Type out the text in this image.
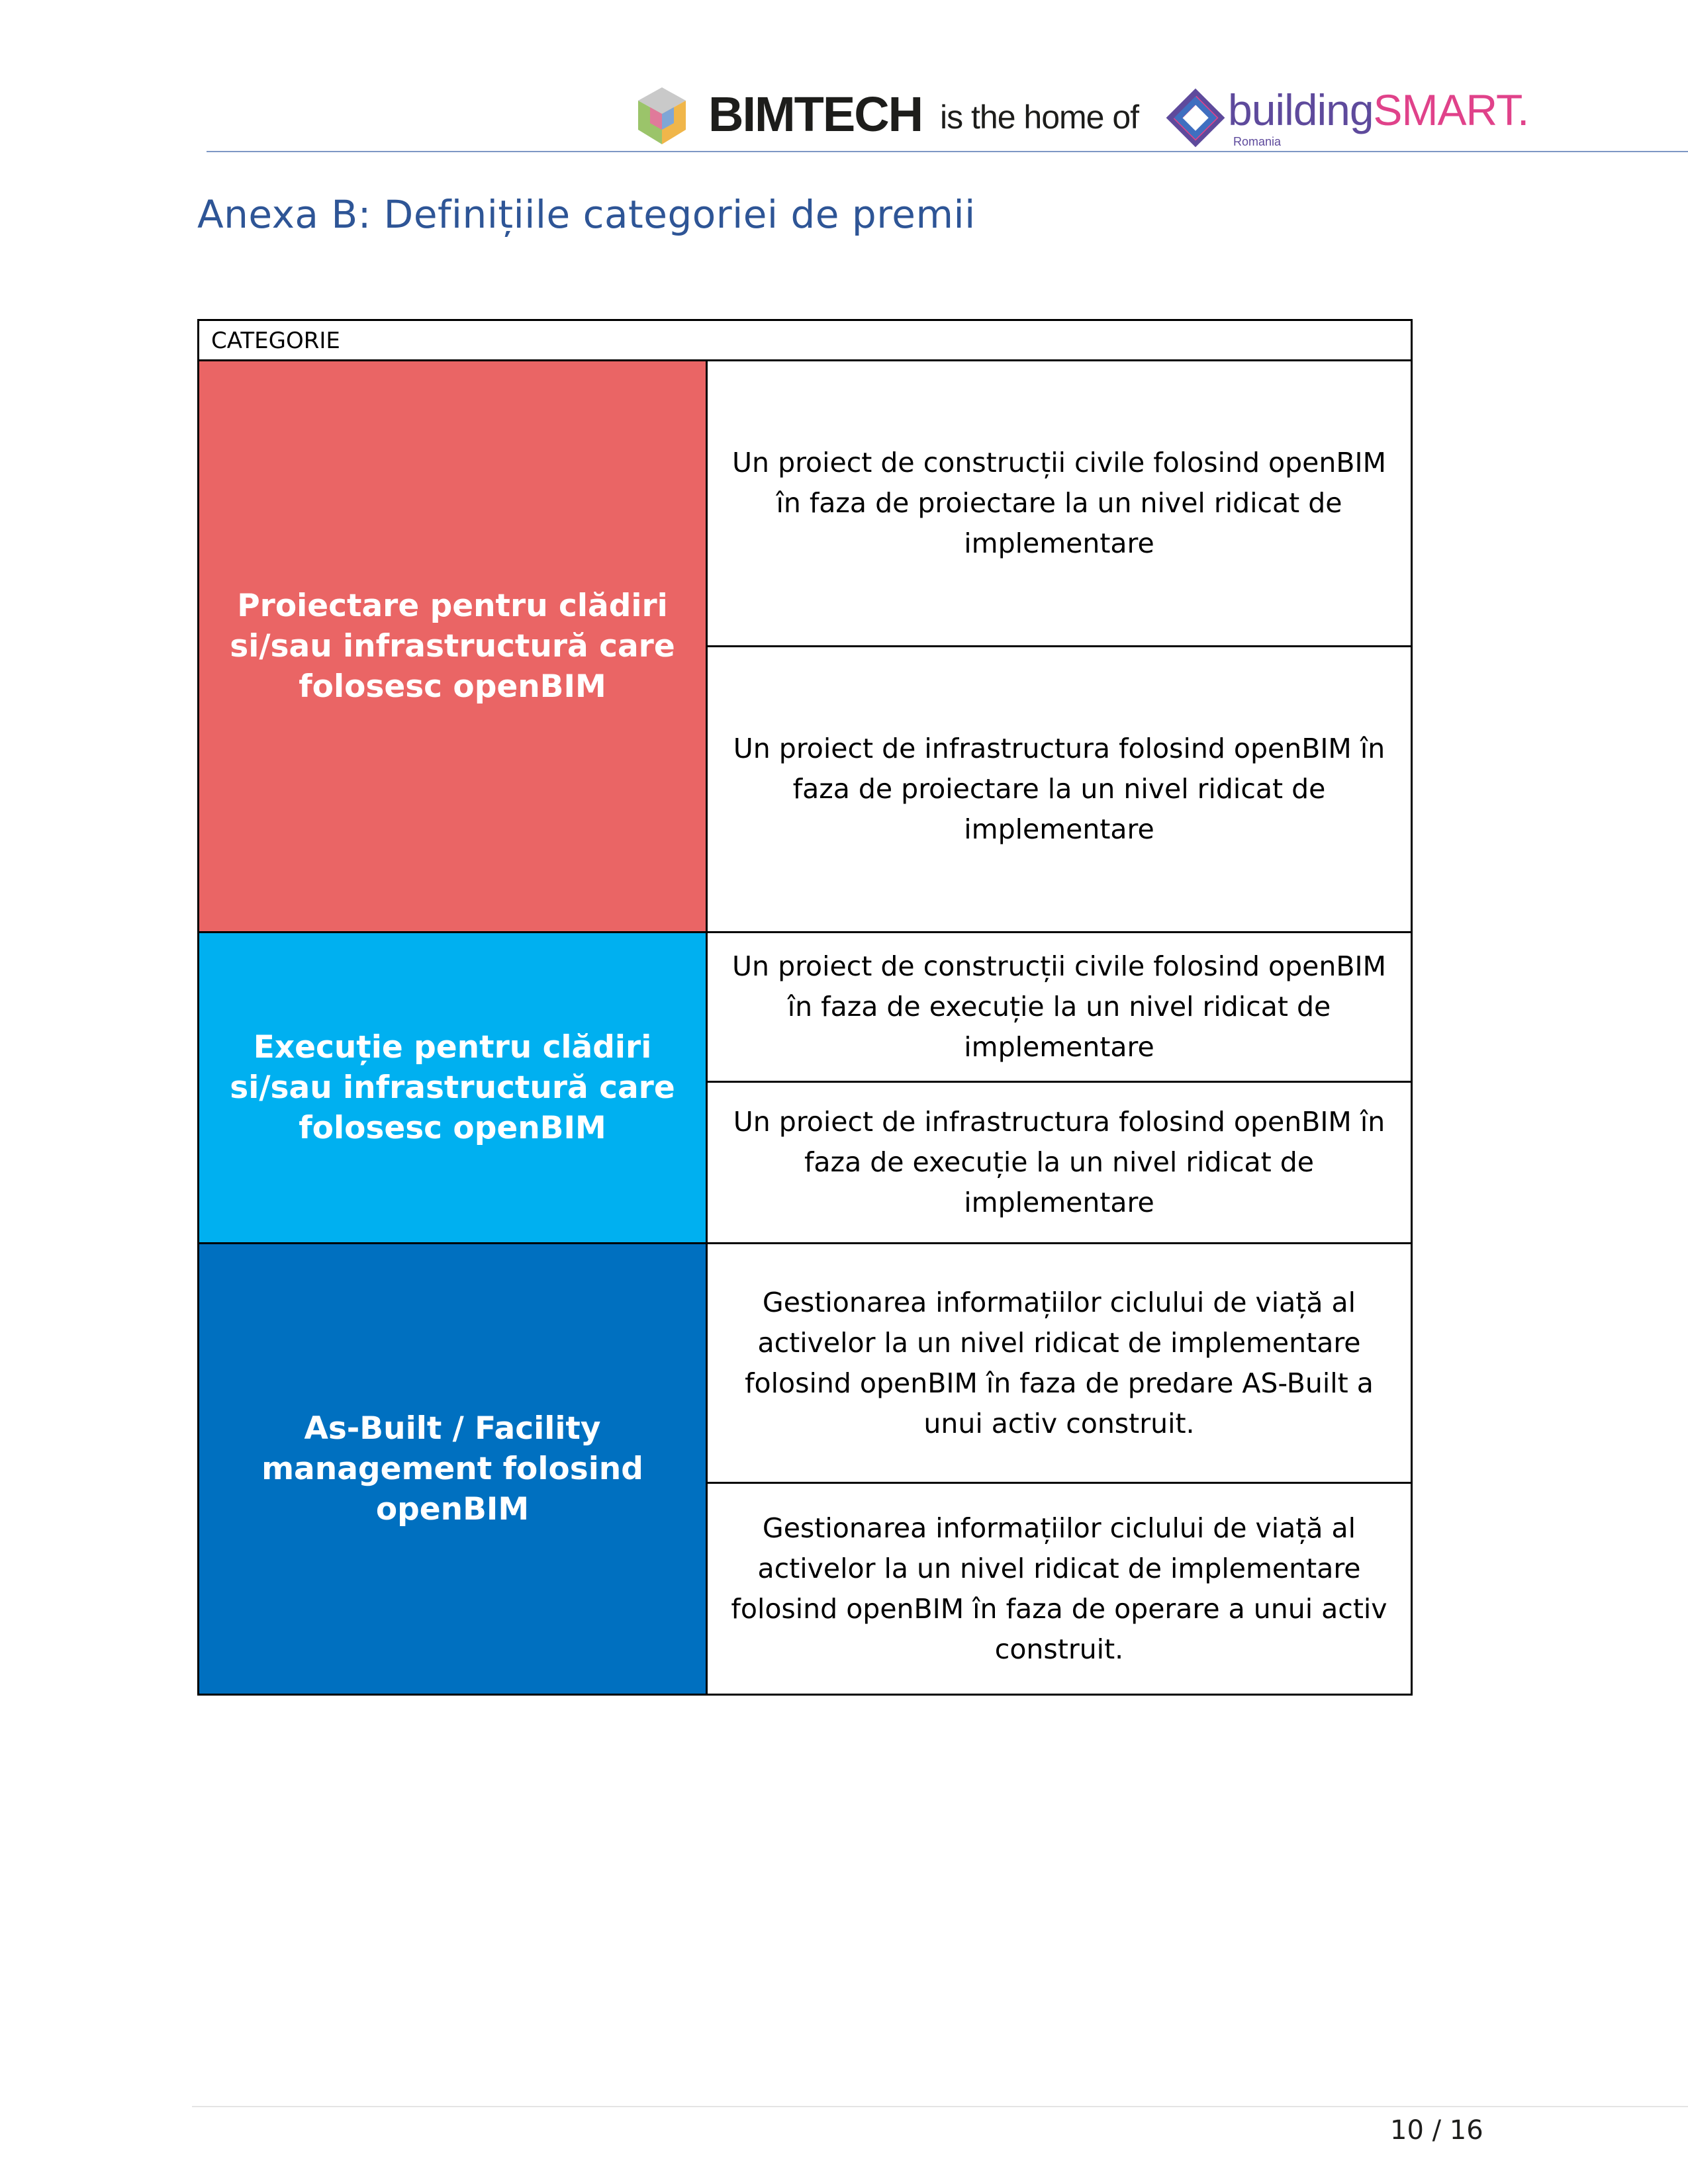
BIMTECH is the home of buildingSMART.
Romania
Anexa B: Definițiile categoriei de premii
CATEGORIE
Proiectare pentru clădiri si/sau infrastructură care folosesc openBIM
Un proiect de construcții civile folosind openBIM în faza de proiectare la un nivel ridicat de implementare
Un proiect de infrastructura folosind openBIM în faza de proiectare la un nivel ridicat de implementare
Execuție pentru clădiri si/sau infrastructură care folosesc openBIM
Un proiect de construcții civile folosind openBIM în faza de execuție la un nivel ridicat de implementare
Un proiect de infrastructura folosind openBIM în faza de execuție la un nivel ridicat de implementare
As-Built / Facility management folosind openBIM
Gestionarea informațiilor ciclului de viață al activelor la un nivel ridicat de implementare folosind openBIM în faza de predare AS-Built a unui activ construit.
Gestionarea informațiilor ciclului de viață al activelor la un nivel ridicat de implementare folosind openBIM în faza de operare a unui activ construit.
10 / 16
